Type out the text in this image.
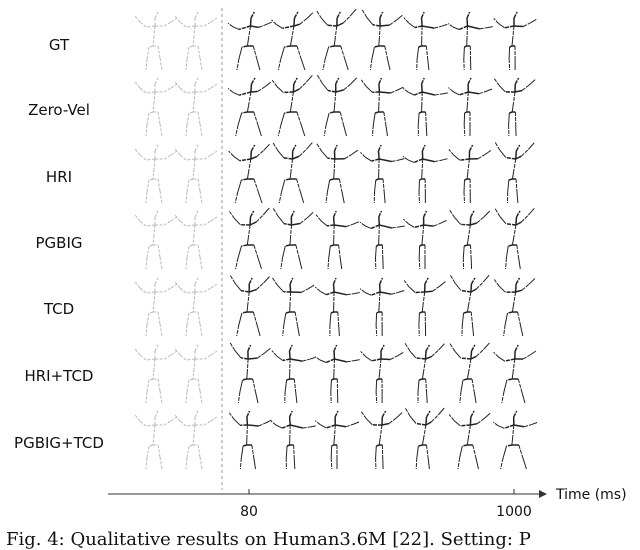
GT
Zero-Vel
HRI
PGBIG
TCD
HRI+TCD
PGBIG+TCD
80	1000
Time (ms)
Fig. 4: Qualitative results on Human3.6M [22]. Setting: P
